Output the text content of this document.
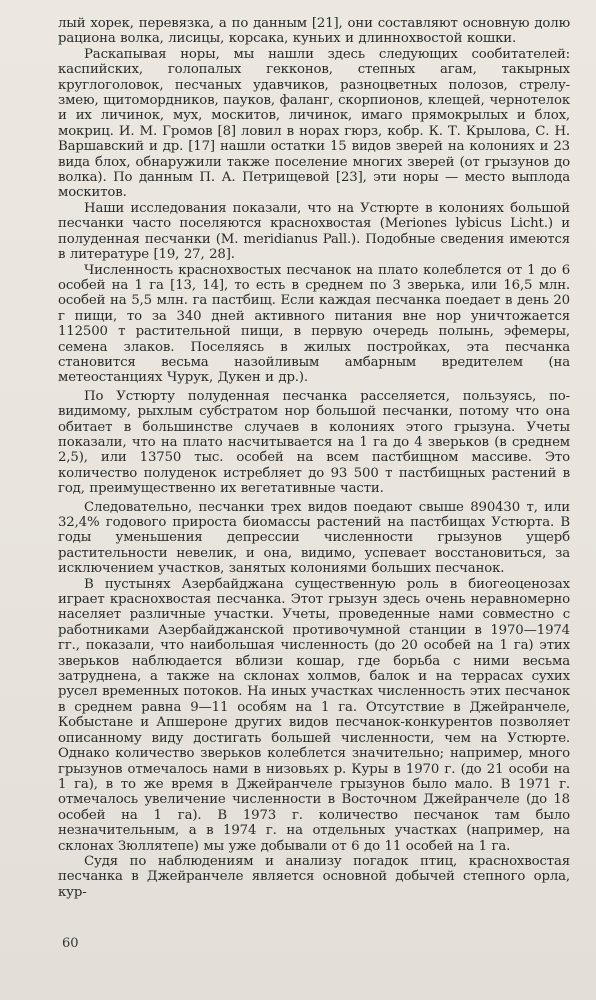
лый хорек, перевязка, а по данным [21], они составляют основную долю рациона волка, лисицы, корсака, куньих и длиннохвостой кошки.

Раскапывая норы, мы нашли здесь следующих сообитателей: каспийских, голопалых гекконов, степных агам, такырных круглоголовок, песчаных удавчиков, разноцветных полозов, стрелу-змею, щитомордников, пауков, фаланг, скорпионов, клещей, чернотелок и их личинок, мух, москитов, личинок, имаго прямокрылых и блох, мокриц. И. М. Громов [8] ловил в норах гюрз, кобр. К. Т. Крылова, С. Н. Варшавский и др. [17] нашли остатки 15 видов зверей на колониях и 23 вида блох, обнаружили также поселение многих зверей (от грызунов до волка). По данным П. А. Петрищевой [23], эти норы — место выплода москитов.

Наши исследования показали, что на Устюрте в колониях большой песчанки часто поселяются краснохвостая (Meriones lybicus Licht.) и полуденная песчанки (M. meridianus Pall.). Подобные сведения имеются в литературе [19, 27, 28].

Численность краснохвостых песчанок на плато колеблется от 1 до 6 особей на 1 га [13, 14], то есть в среднем по 3 зверька, или 16,5 млн. особей на 5,5 млн. га пастбищ. Если каждая песчанка поедает в день 20 г пищи, то за 340 дней активного питания вне нор уничтожается 112500 т растительной пищи, в первую очередь полынь, эфемеры, семена злаков. Поселяясь в жилых постройках, эта песчанка становится весьма назойливым амбарным вредителем (на метеостанциях Чурук, Дукен и др.).

По Устюрту полуденная песчанка расселяется, пользуясь, по-видимому, рыхлым субстратом нор большой песчанки, потому что она обитает в большинстве случаев в колониях этого грызуна. Учеты показали, что на плато насчитывается на 1 га до 4 зверьков (в среднем 2,5), или 13750 тыс. особей на всем пастбищном массиве. Это количество полуденок истребляет до 93 500 т пастбищных растений в год, преимущественно их вегетативные части.

Следовательно, песчанки трех видов поедают свыше 890430 т, или 32,4% годового прироста биомассы растений на пастбищах Устюрта. В годы уменьшения депрессии численности грызунов ущерб растительности невелик, и она, видимо, успевает восстановиться, за исключением участков, занятых колониями больших песчанок.

В пустынях Азербайджана существенную роль в биогеоценозах играет краснохвостая песчанка. Этот грызун здесь очень неравномерно населяет различные участки. Учеты, проведенные нами совместно с работниками Азербайджанской противочумной станции в 1970—1974 гг., показали, что наибольшая численность (до 20 особей на 1 га) этих зверьков наблюдается вблизи кошар, где борьба с ними весьма затруднена, а также на склонах холмов, балок и на террасах сухих русел временных потоков. На иных участках численность этих песчанок в среднем равна 9—11 особям на 1 га. Отсутствие в Джейранчеле, Кобыстане и Апшероне других видов песчанок-конкурентов позволяет описанному виду достигать большей численности, чем на Устюрте. Однако количество зверьков колеблется значительно; например, много грызунов отмечалось нами в низовьях р. Куры в 1970 г. (до 21 особи на 1 га), в то же время в Джейранчеле грызунов было мало. В 1971 г. отмечалось увеличение численности в Восточном Джейранчеле (до 18 особей на 1 га). В 1973 г. количество песчанок там было незначительным, а в 1974 г. на отдельных участках (например, на склонах Зюллятепе) мы уже добывали от 6 до 11 особей на 1 га.

Судя по наблюдениям и анализу погадок птиц, краснохвостая песчанка в Джейранчеле является основной добычей степного орла, кур-

60
